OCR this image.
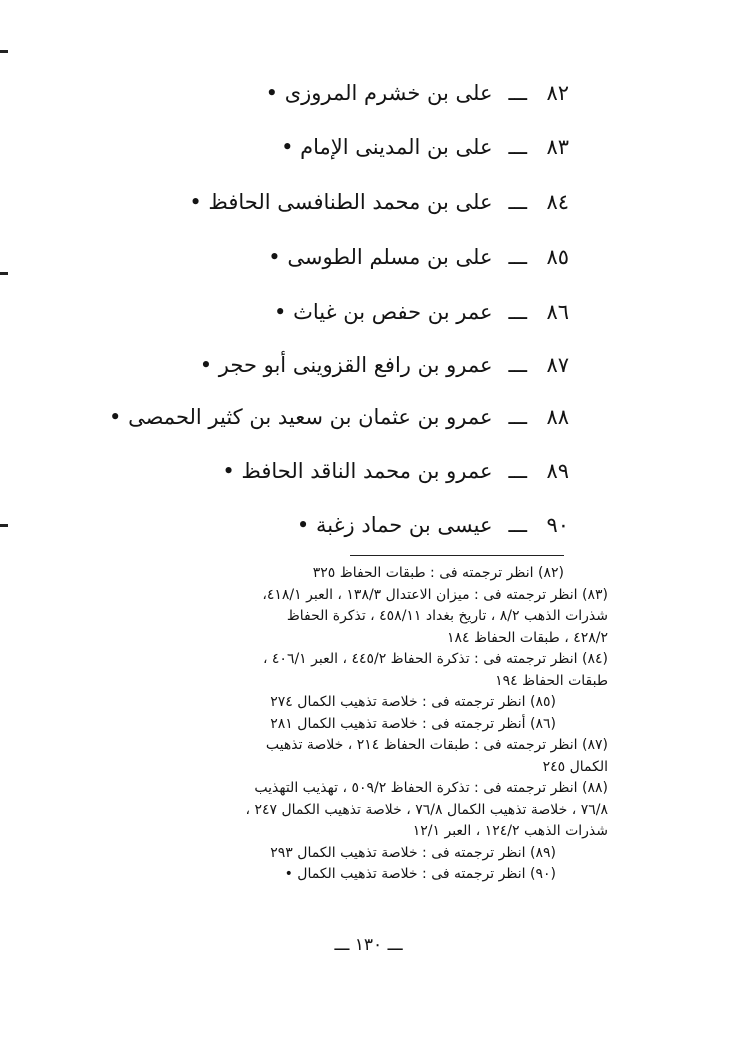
٨٢ـــعلى بن خشرم المروزى •
٨٣ـــعلى بن المدينى الإمام •
٨٤ـــعلى بن محمد الطنافسى الحافظ •
٨٥ـــعلى بن مسلم الطوسى •
٨٦ـــعمر بن حفص بن غياث •
٨٧ـــعمرو بن رافع القزوينى أبو حجر •
٨٨ـــعمرو بن عثمان بن سعيد بن كثير الحمصى •
٨٩ـــعمرو بن محمد الناقد الحافظ •
٩٠ـــعيسى بن حماد زغبة •
(٨٢) انظر ترجمته فى : طبقات الحفاظ ٣٢٥
(٨٣) انظر ترجمته فى : ميزان الاعتدال ١٣٨/٣ ، العبر ٤١٨/١،
شذرات الذهب ٨/٢ ، تاريخ بغداد ٤٥٨/١١ ، تذكرة الحفاظ
٤٢٨/٢ ، طبقات الحفاظ ١٨٤
(٨٤) انظر ترجمته فى : تذكرة الحفاظ ٤٤٥/٢ ، العبر ٤٠٦/١ ،
طبقات الحفاظ ١٩٤
(٨٥) انظر ترجمته فى : خلاصة تذهيب الكمال ٢٧٤
(٨٦) أنظر ترجمته فى : خلاصة تذهيب الكمال ٢٨١
(٨٧) انظر ترجمته فى : طبقات الحفاظ ٢١٤ ، خلاصة تذهيب
الكمال ٢٤٥
(٨٨) انظر ترجمته فى : تذكرة الحفاظ ٥٠٩/٢ ، تهذيب التهذيب
٧٦/٨ ، خلاصة تذهيب الكمال ٧٦/٨ ، خلاصة تذهيب الكمال ٢٤٧ ،
شذرات الذهب ١٢٤/٢ ، العبر ١٢/١
(٨٩) انظر ترجمته فى : خلاصة تذهيب الكمال ٢٩٣
(٩٠) انظر ترجمته فى : خلاصة تذهيب الكمال •
ـــ ١٣٠ ـــ
